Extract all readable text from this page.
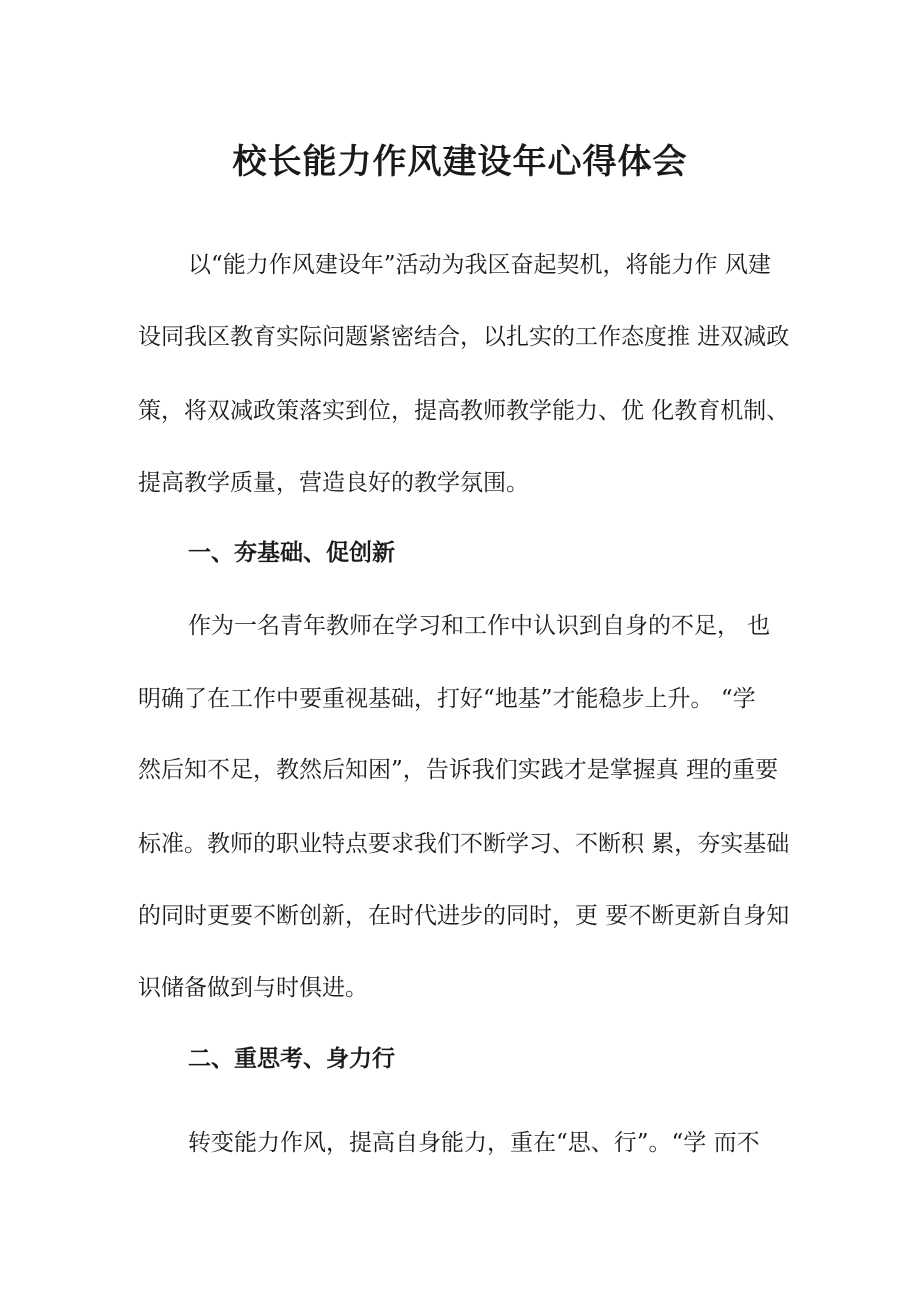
校长能力作风建设年心得体会

以“能力作风建设年”活动为我区奋起契机，将能力作 风建

设同我区教育实际问题紧密结合，以扎实的工作态度推 进双减政

策，将双减政策落实到位，提高教师教学能力、优 化教育机制、

提高教学质量，营造良好的教学氛围。

一、夯基础、促创新

作为一名青年教师在学习和工作中认识到自身的不足， 也

明确了在工作中要重视基础，打好“地基”才能稳步上升。 “学

然后知不足，教然后知困”，告诉我们实践才是掌握真 理的重要

标准。教师的职业特点要求我们不断学习、不断积 累，夯实基础

的同时更要不断创新，在时代进步的同时，更 要不断更新自身知

识储备做到与时俱进。

二、重思考、身力行

转变能力作风，提高自身能力，重在“思、行”。“学 而不
